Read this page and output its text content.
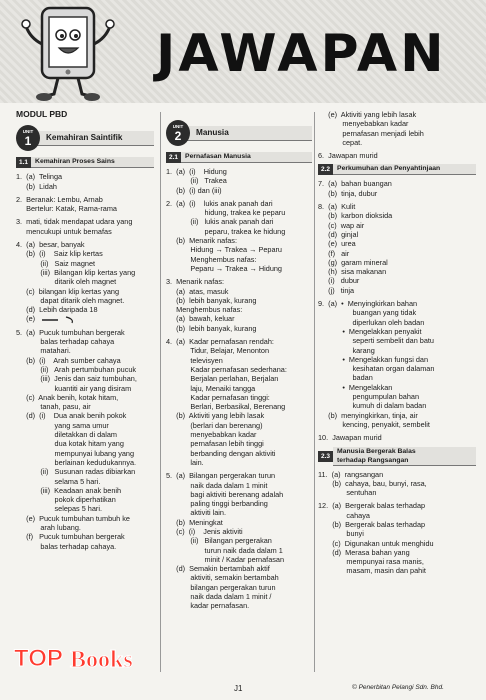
JAWAPAN
MODUL PBD
Kemahiran Saintifik
UNIT
1
1.1	Kemahiran Proses Sains
1.  (a)  Telinga
(b)  Lidah
2.  Beranak: Lembu, Arnab
Bertelur: Katak, Rama-rama
3.  mati, tidak mendapat udara yang
mencukupi untuk bernafas
4.  (a)  besar, banyak
(b)  (i)    Saiz klip kertas
(ii)   Saiz magnet
(iii)  Bilangan klip kertas yang
ditarik oleh magnet
(c)  bilangan klip kertas yang
dapat ditarik oleh magnet.
(d)  Lebih daripada 18
(e)
5.  (a)  Pucuk tumbuhan bergerak
balas terhadap cahaya
matahari.
(b)  (i)    Arah sumber cahaya
(ii)   Arah pertumbuhan pucuk
(iii)  Jenis dan saiz tumbuhan,
kuantiti air yang disiram
(c)  Anak benih, kotak hitam,
tanah, pasu, air
(d)  (i)    Dua anak benih pokok
yang sama umur
diletakkan di dalam
dua kotak hitam yang
mempunyai lubang yang
berlainan kedudukannya.
(ii)   Susunan radas dibiarkan
selama 5 hari.
(iii)  Keadaan anak benih
pokok diperhatikan
selepas 5 hari.
(e)  Pucuk tumbuhan tumbuh ke
arah lubang.
(f)   Pucuk tumbuhan bergerak
balas terhadap cahaya.
Manusia
UNIT
2
2.1	Pernafasan Manusia
1.  (a)  (i)    Hidung
(ii)   Trakea
(b)  (i) dan (iii)
2.  (a)  (i)    lukis anak panah dari
hidung, trakea ke peparu
(ii)   lukis anak panah dari
peparu, trakea ke hidung
(b)  Menarik nafas:
Hidung → Trakea → Peparu
Menghembus nafas:
Peparu → Trakea → Hidung
3.  Menarik nafas:
(a)  atas, masuk
(b)  lebih banyak, kurang
Menghembus nafas:
(a)  bawah, keluar
(b)  lebih banyak, kurang
4.  (a)  Kadar pernafasan rendah:
Tidur, Belajar, Menonton
televisyen
Kadar pernafasan sederhana:
Berjalan perlahan, Berjalan
laju, Menaiki tangga
Kadar pernafasan tinggi:
Berlari, Berbasikal, Berenang
(b)  Aktiviti yang lebih lasak
(berlari dan berenang)
menyebabkan kadar
pernafasan lebih tinggi
berbanding dengan aktiviti
lain.
5.  (a)  Bilangan pergerakan turun
naik dada dalam 1 minit
bagi aktiviti berenang adalah
paling tinggi berbanding
aktiviti lain.
(b)  Meningkat
(c)  (i)    Jenis aktiviti
(ii)   Bilangan pergerakan
turun naik dada dalam 1
minit / Kadar pernafasan
(d)  Semakin bertambah aktif
aktiviti, semakin bertambah
bilangan pergerakan turun
naik dada dalam 1 minit /
kadar pernafasan.
(e)  Aktiviti yang lebih lasak
menyebabkan kadar
pernafasan menjadi lebih
cepat.
6.  Jawapan murid
2.2	Perkumuhan dan Penyahtinjaan
7.  (a)  bahan buangan
(b)  tinja, dubur
8.  (a)  Kulit
(b)  karbon dioksida
(c)  wap air
(d)  ginjal
(e)  urea
(f)   air
(g)  garam mineral
(h)  sisa makanan
(i)   dubur
(j)   tinja
9.  (a)  •  Menyingkirkan bahan
buangan yang tidak
diperlukan oleh badan
•  Mengelakkan penyakit
seperti sembelit dan batu
karang
•  Mengelakkan fungsi dan
kesihatan organ dalaman
badan
•  Mengelakkan
pengumpulan bahan
kumuh di dalam badan
(b)  menyingkirkan, tinja, air
kencing, penyakit, sembelit
10.  Jawapan murid
2.3
Manusia Bergerak Balas
terhadap Rangsangan
11.  (a)  rangsangan
(b)  cahaya, bau, bunyi, rasa,
sentuhan
12.  (a)  Bergerak balas terhadap
cahaya
(b)  Bergerak balas terhadap
bunyi
(c)  Digunakan untuk menghidu
(d)  Merasa bahan yang
mempunyai rasa manis,
masam, masin dan pahit
TOP Books
J1	© Penerbitan Pelangi Sdn. Bhd.
